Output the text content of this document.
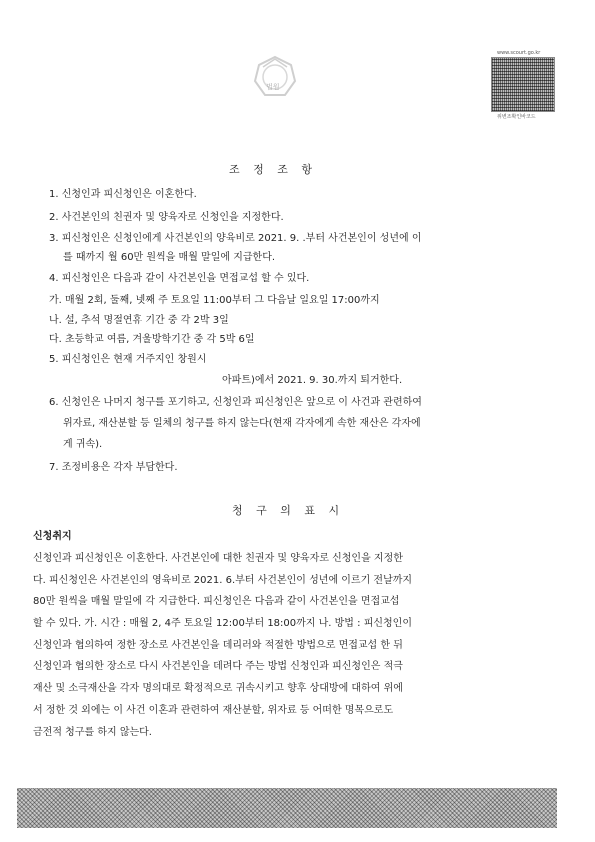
법원
www.scourt.go.kr
위변조확인바코드
조 정 조 항
1. 신청인과 피신청인은 이혼한다.
2. 사건본인의 친권자 및 양육자로 신청인을 지정한다.
3. 피신청인은 신청인에게 사건본인의 양육비로 2021. 9. .부터 사건본인이 성년에 이
를 때까지 월 60만 원씩을 매월 말일에 지급한다.
4. 피신청인은 다음과 같이 사건본인을 면접교섭 할 수 있다.
가. 매월 2회, 둘째, 넷째 주 토요일 11:00부터 그 다음날 일요일 17:00까지
나. 설, 추석 명절연휴 기간 중 각 2박 3일
다. 초등학교 여름, 겨울방학기간 중 각 5박 6일
5. 피신청인은 현재 거주지인 창원시
아파트)에서 2021. 9. 30.까지 퇴거한다.
6. 신청인은 나머지 청구를 포기하고, 신청인과 피신청인은 앞으로 이 사건과 관련하여
위자료, 재산분할 등 일체의 청구를 하지 않는다(현재 각자에게 속한 재산은 각자에
게 귀속).
7. 조정비용은 각자 부담한다.
청 구 의 표 시
신청취지
신청인과 피신청인은 이혼한다. 사건본인에 대한 친권자 및 양육자로 신청인을 지정한
다. 피신청인은 사건본인의 영육비로 2021. 6.부터 사건본인이 성년에 이르기 전날까지
80만 원씩을 매월 말일에 각 지급한다. 피신청인은 다음과 같이 사건본인을 면접교섭
할 수 있다. 가. 시간 : 매월 2, 4주 토요일 12:00부터 18:00까지 나. 방법 : 피신청인이
신청인과 협의하여 정한 장소로 사건본인을 데리러와 적절한 방법으로 면접교섭 한 뒤
신청인과 협의한 장소로 다시 사건본인을 데려다 주는 방법 신청인과 피신청인은 적극
재산 및 소극재산을 각자 명의대로 확정적으로 귀속시키고 향후 상대방에 대하여 위에
서 정한 것 외에는 이 사건 이혼과 관련하여 재산분할, 위자료 등 어떠한 명목으로도
금전적 청구를 하지 않는다.
